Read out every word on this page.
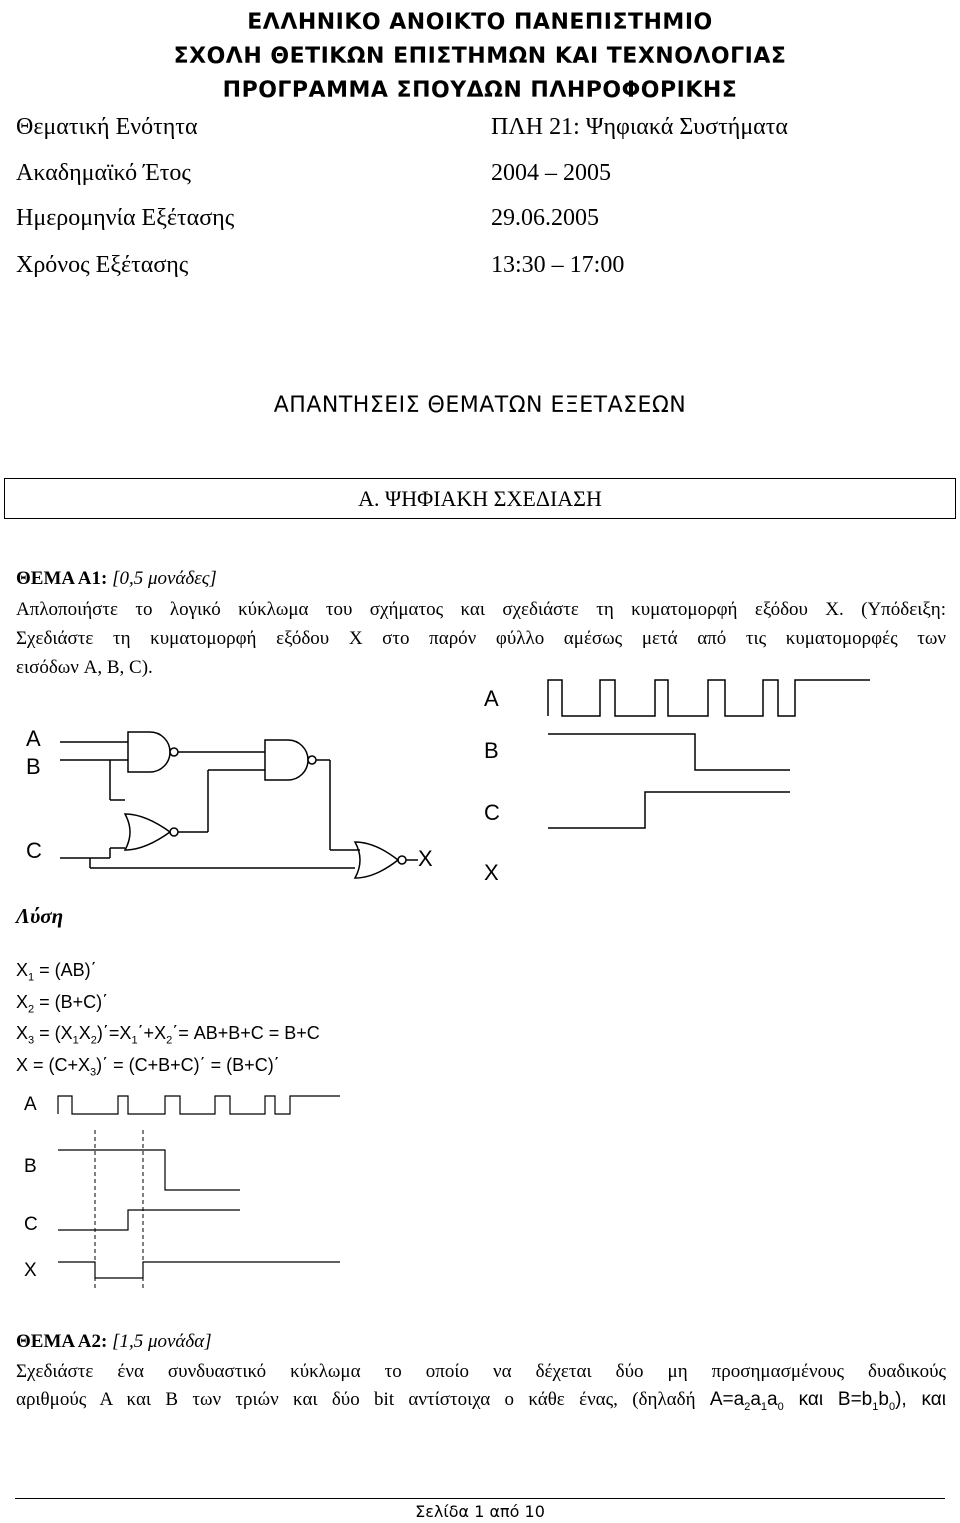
ΕΛΛΗΝΙΚΟ ΑΝΟΙΚΤΟ ΠΑΝΕΠΙΣΤΗΜΙΟ
ΣΧΟΛΗ ΘΕΤΙΚΩΝ ΕΠΙΣΤΗΜΩΝ ΚΑΙ ΤΕΧΝΟΛΟΓΙΑΣ
ΠΡΟΓΡΑΜΜΑ ΣΠΟΥΔΩΝ ΠΛΗΡΟΦΟΡΙΚΗΣ
Θεματική Ενότητα	ΠΛΗ 21: Ψηφιακά Συστήματα
Ακαδημαϊκό Έτος	2004 – 2005
Ημερομηνία Εξέτασης	29.06.2005
Χρόνος Εξέτασης	13:30 – 17:00
ΑΠΑΝΤΗΣΕΙΣ ΘΕΜΑΤΩΝ ΕΞΕΤΑΣΕΩΝ
Α. ΨΗΦΙΑΚΗ ΣΧΕΔΙΑΣΗ
ΘΕΜΑ Α1: [0,5 μονάδες]
Απλοποιήστε το λογικό κύκλωμα του σχήματος και σχεδιάστε τη κυματομορφή εξόδου Χ. (Υπόδειξη:
Σχεδιάστε τη κυματομορφή εξόδου Χ στο παρόν φύλλο αμέσως μετά από τις κυματομορφές των
εισόδων A, B, C).
A
B
C	X
A
B
C
X
Λύση
$X_1 = (AB)΄$
$X_2 = (B+C)΄$
$X_3 = (X_1X_2)΄=X_1΄+X_2΄= AB+B+C = B+C$
$X = (C+X_3)΄ = (C+B+C)΄ = (B+C)΄$
A
B
C
X
ΘΕΜΑ Α2: [1,5 μονάδα]
Σχεδιάστε ένα συνδυαστικό κύκλωμα το οποίο να δέχεται δύο μη προσημασμένους δυαδικούς
αριθμούς Α και Β των τριών και δύο bit αντίστοιχα ο κάθε ένας, (δηλαδή $A=a_2a_1a_0$ και $B=b_1b_0$), και
Σελίδα 1 από 10
